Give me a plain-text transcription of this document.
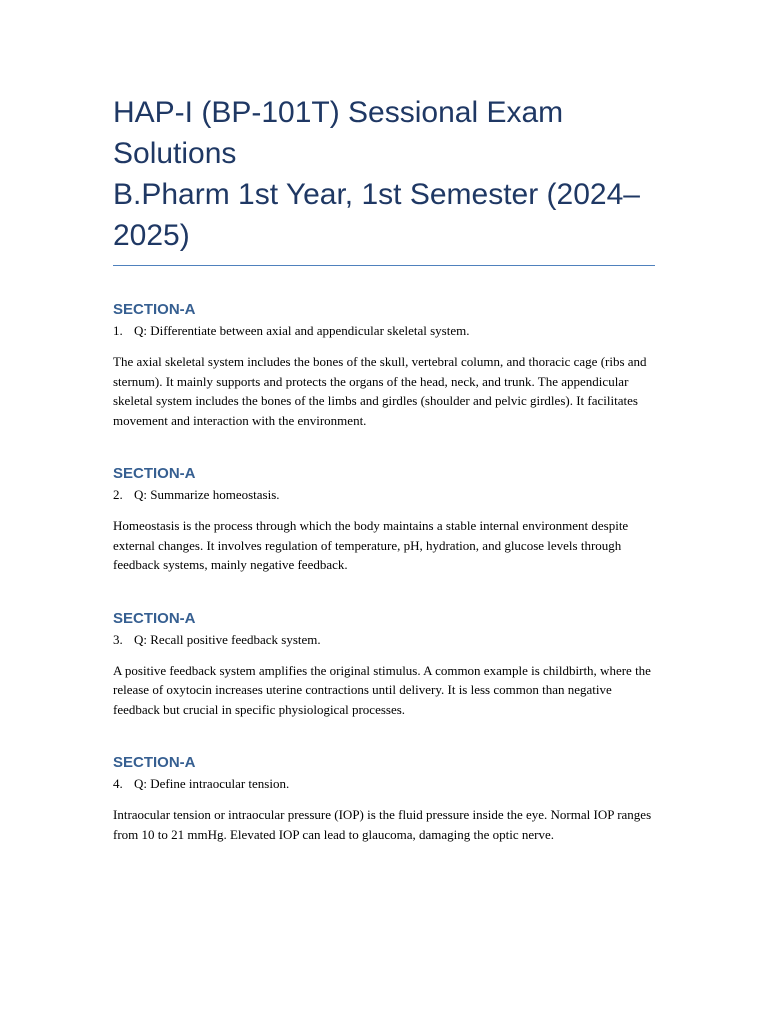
HAP-I (BP-101T) Sessional Exam
Solutions
B.Pharm 1st Year, 1st Semester (2024–
2025)
SECTION-A

1. Q: Differentiate between axial and appendicular skeletal system.

The axial skeletal system includes the bones of the skull, vertebral column, and thoracic cage (ribs and sternum). It mainly supports and protects the organs of the head, neck, and trunk. The appendicular skeletal system includes the bones of the limbs and girdles (shoulder and pelvic girdles). It facilitates movement and interaction with the environment.

SECTION-A

2. Q: Summarize homeostasis.

Homeostasis is the process through which the body maintains a stable internal environment despite external changes. It involves regulation of temperature, pH, hydration, and glucose levels through feedback systems, mainly negative feedback.

SECTION-A

3. Q: Recall positive feedback system.

A positive feedback system amplifies the original stimulus. A common example is childbirth, where the release of oxytocin increases uterine contractions until delivery. It is less common than negative feedback but crucial in specific physiological processes.

SECTION-A

4. Q: Define intraocular tension.

Intraocular tension or intraocular pressure (IOP) is the fluid pressure inside the eye. Normal IOP ranges from 10 to 21 mmHg. Elevated IOP can lead to glaucoma, damaging the optic nerve.
